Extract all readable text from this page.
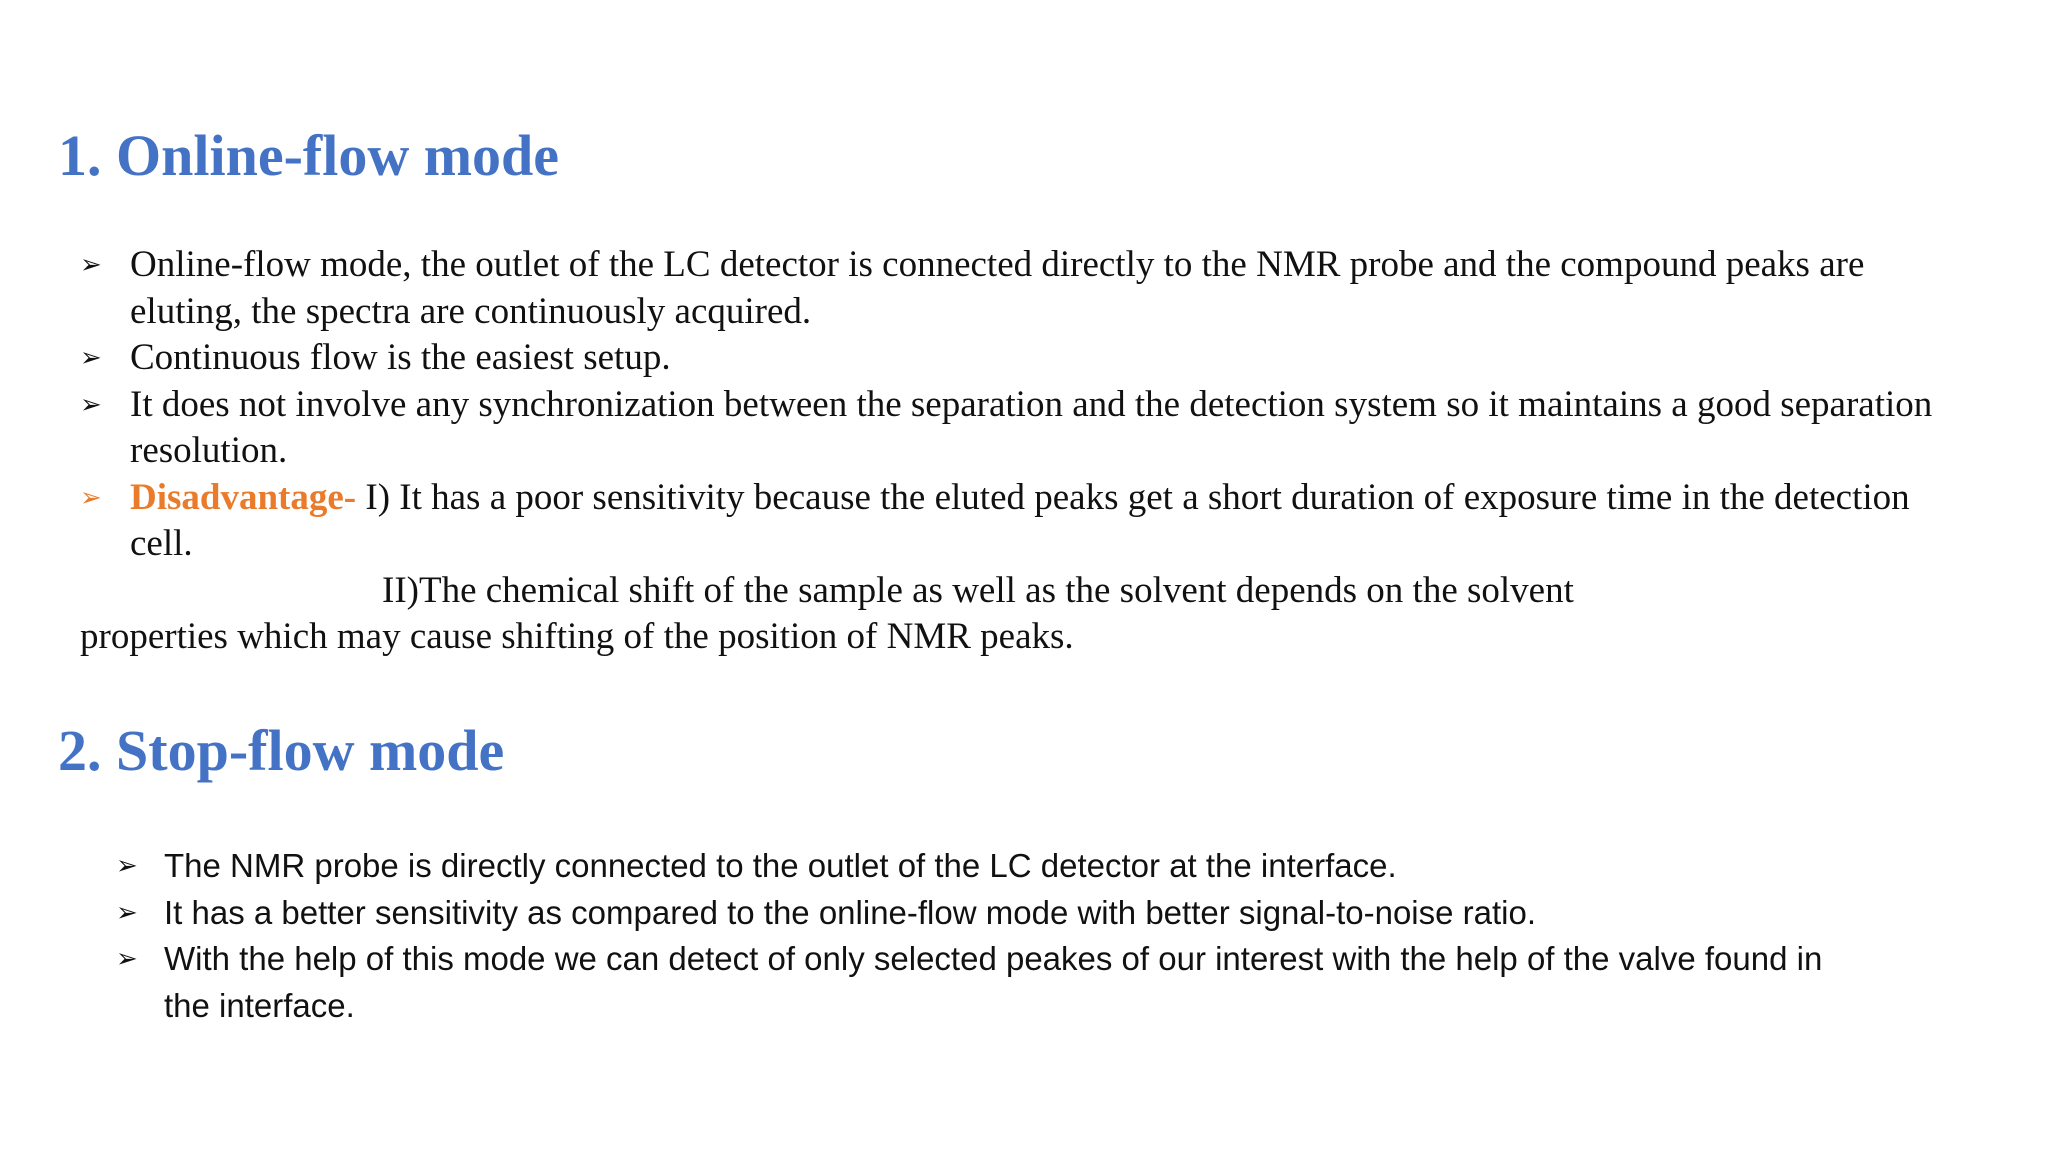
1. Online-flow mode
➢ Online-flow mode, the outlet of the LC detector is connected directly to the NMR probe and the compound peaks are eluting, the spectra are continuously acquired.
➢ Continuous flow is the easiest setup.
➢ It does not involve any synchronization between the separation and the detection system so it maintains a good separation resolution.
➢ Disadvantage- I) It has a poor sensitivity because the eluted peaks get a short duration of exposure time in the detection cell.
II)The chemical shift of the sample as well as the solvent depends on the solvent properties which may cause shifting of the position of NMR peaks.
2. Stop-flow mode
➢ The NMR probe is directly connected to the outlet of the LC detector at the interface.
➢ It has a better sensitivity as compared to the online-flow mode with better signal-to-noise ratio.
➢ With the help of this mode we can detect of only selected peakes of our interest with the help of the valve found in the interface.
